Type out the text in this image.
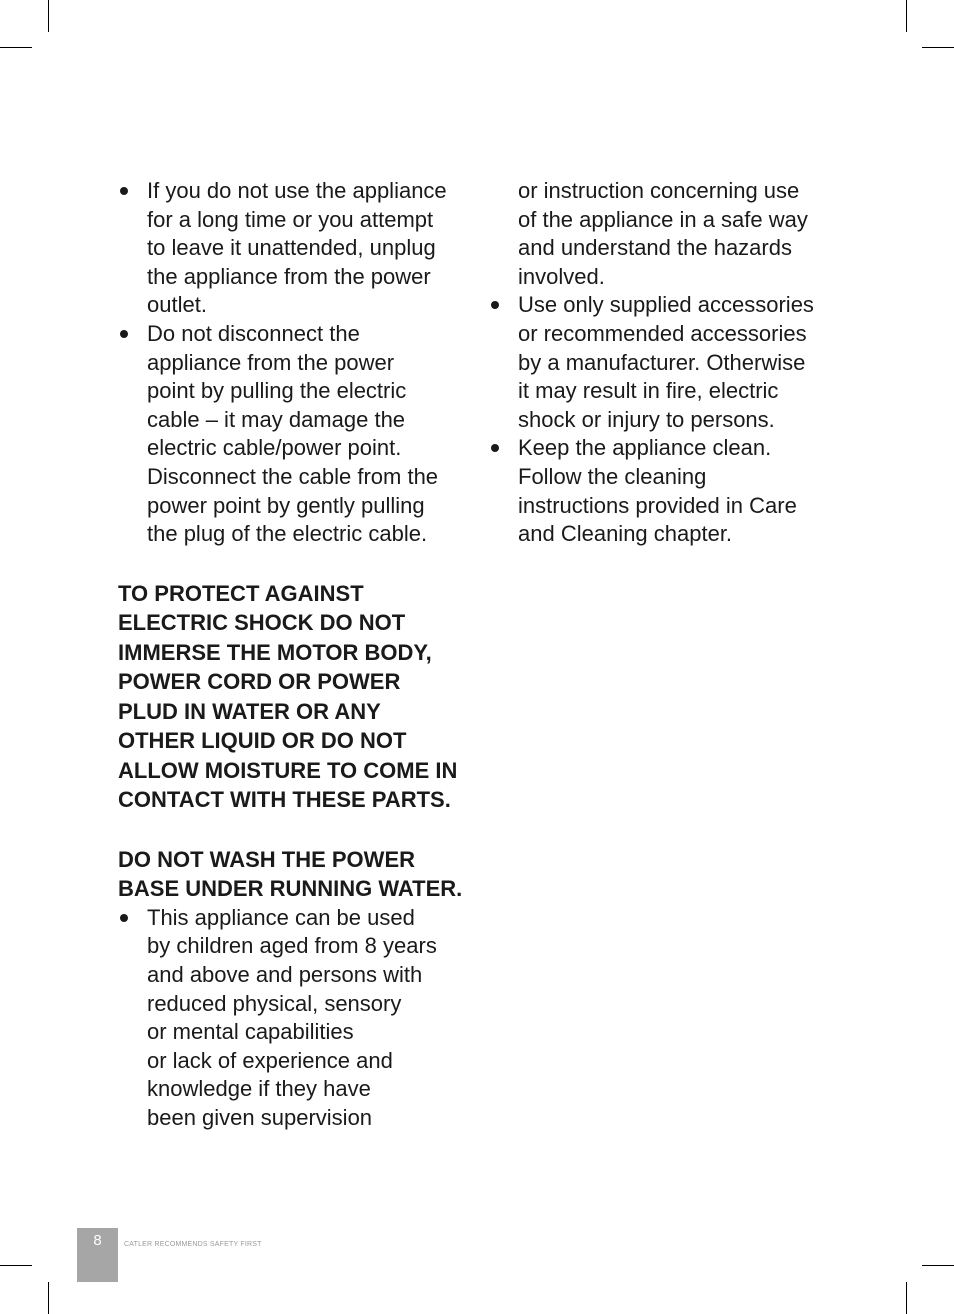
If you do not use the appliance
for a long time or you attempt
to leave it unattended, unplug
the appliance from the power
outlet.
Do not disconnect the
appliance from the power
point by pulling the electric
cable – it may damage the
electric cable/power point.
Disconnect the cable from the
power point by gently pulling
the plug of the electric cable.

TO PROTECT AGAINST
ELECTRIC SHOCK DO NOT
IMMERSE THE MOTOR BODY,
POWER CORD OR POWER
PLUD IN WATER OR ANY
OTHER LIQUID OR DO NOT
ALLOW MOISTURE TO COME IN
CONTACT WITH THESE PARTS.

DO NOT WASH THE POWER
BASE UNDER RUNNING WATER.

This appliance can be used
by children aged from 8 years
and above and persons with
reduced physical, sensory
or mental capabilities
or lack of experience and
knowledge if they have
been given supervision
or instruction concerning use
of the appliance in a safe way
and understand the hazards
involved.
Use only supplied accessories
or recommended accessories
by a manufacturer. Otherwise
it may result in fire, electric
shock or injury to persons.
Keep the appliance clean.
Follow the cleaning
instructions provided in Care
and Cleaning chapter.
8	CATLER RECOMMENDS SAFETY FIRST
